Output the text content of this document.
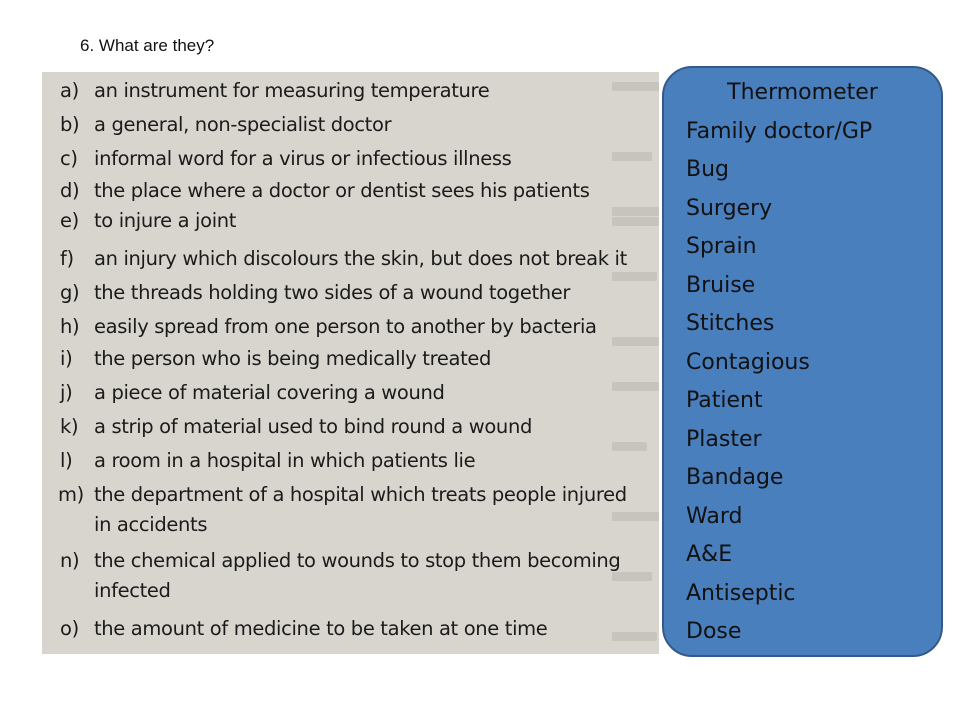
6. What are they?
a) an instrument for measuring temperature
b) a general, non-specialist doctor
c) informal word for a virus or infectious illness
d) the place where a doctor or dentist sees his patients
e) to injure a joint
f) an injury which discolours the skin, but does not break it
g) the threads holding two sides of a wound together
h) easily spread from one person to another by bacteria
i) the person who is being medically treated
j) a piece of material covering a wound
k) a strip of material used to bind round a wound
l) a room in a hospital in which patients lie
m) the department of a hospital which treats people injured
in accidents
n) the chemical applied to wounds to stop them becoming
infected
o) the amount of medicine to be taken at one time
Thermometer
Family doctor/GP
Bug
Surgery
Sprain
Bruise
Stitches
Contagious
Patient
Plaster
Bandage
Ward
A&E
Antiseptic
Dose
